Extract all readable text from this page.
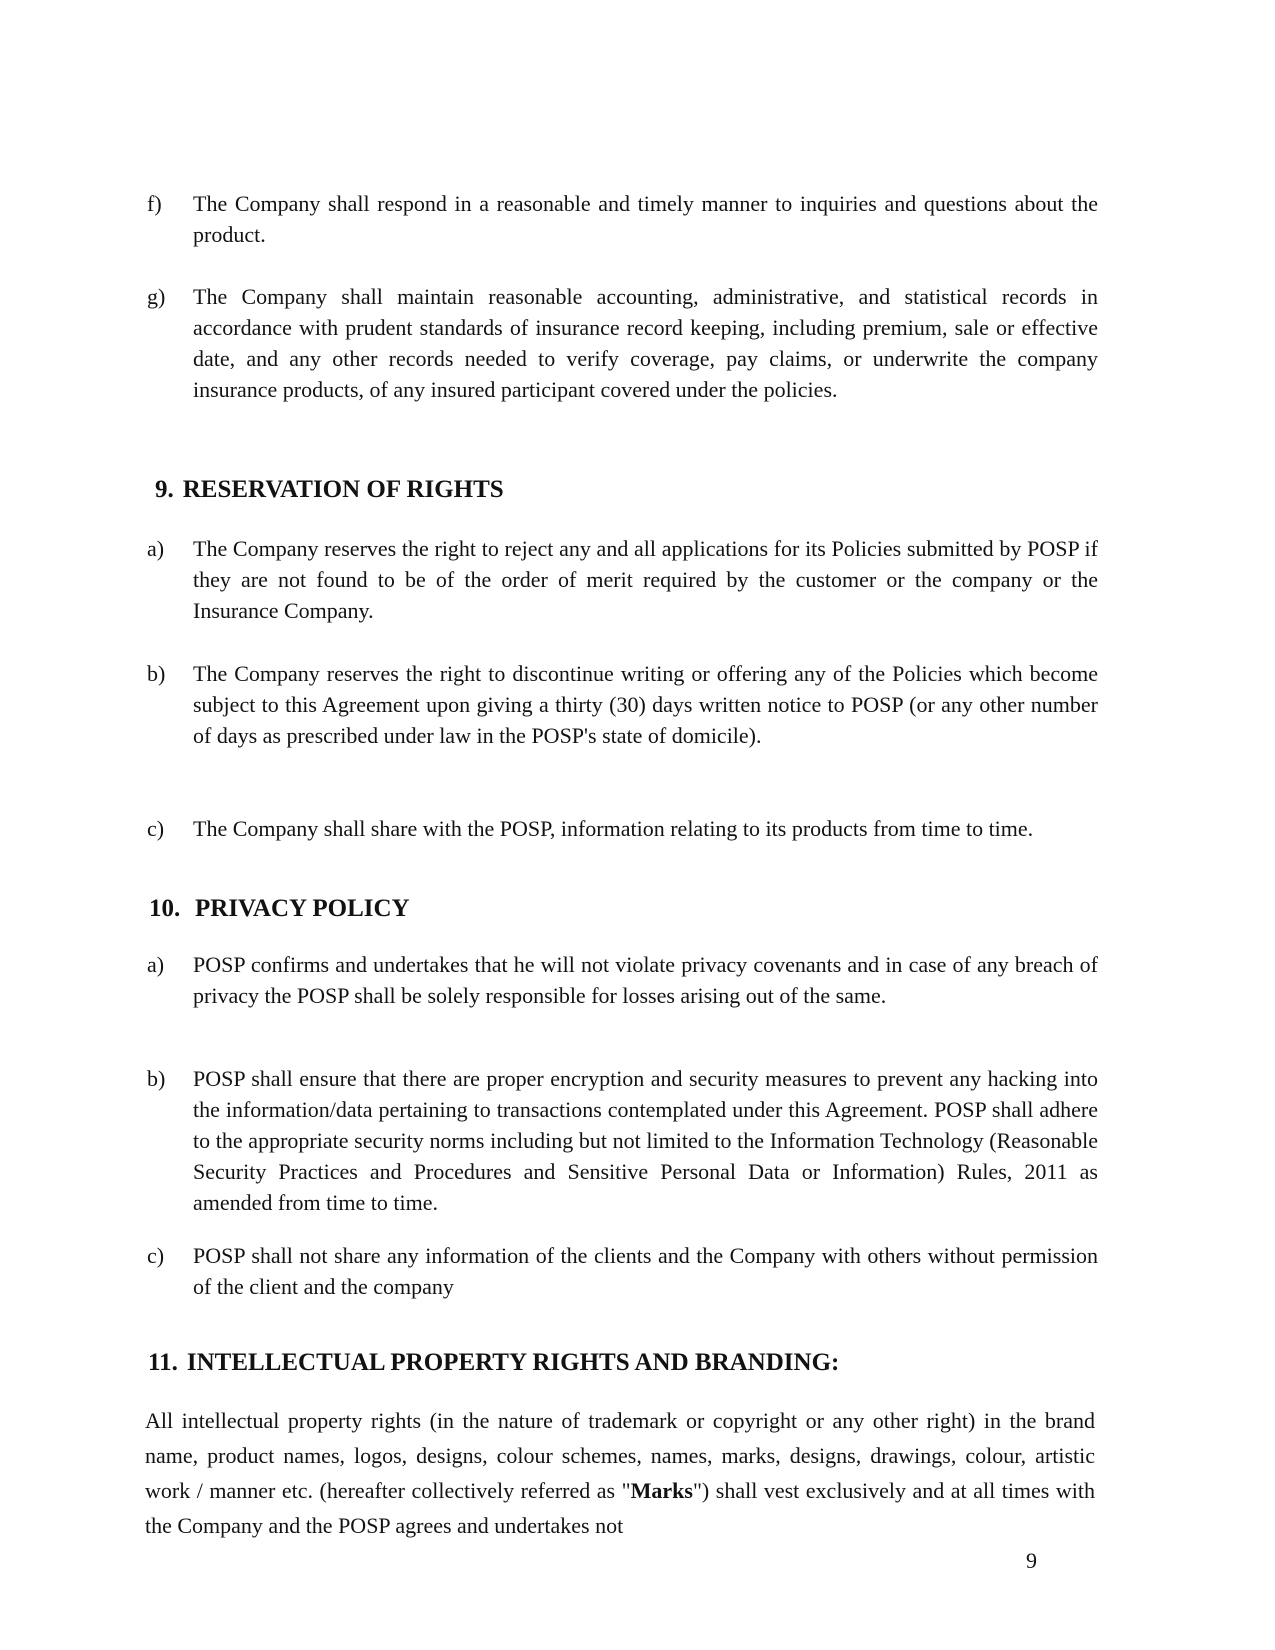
f)	The Company shall respond in a reasonable and timely manner to inquiries and questions about the product.
g)	The Company shall maintain reasonable accounting, administrative, and statistical records in accordance with prudent standards of insurance record keeping, including premium, sale or effective date, and any other records needed to verify coverage, pay claims, or underwrite the company insurance products, of any insured participant covered under the policies.
9. RESERVATION OF RIGHTS
a)	The Company reserves the right to reject any and all applications for its Policies submitted by POSP if they are not found to be of the order of merit required by the customer or the company or the Insurance Company.
b)	The Company reserves the right to discontinue writing or offering any of the Policies which become subject to this Agreement upon giving a thirty (30) days written notice to POSP (or any other number of days as prescribed under law in the POSP's state of domicile).
c)	The Company shall share with the POSP, information relating to its products from time to time.
10. PRIVACY POLICY
a)	POSP confirms and undertakes that he will not violate privacy covenants and in case of any breach of privacy the POSP shall be solely responsible for losses arising out of the same.
b)	POSP shall ensure that there are proper encryption and security measures to prevent any hacking into the information/data pertaining to transactions contemplated under this Agreement. POSP shall adhere to the appropriate security norms including but not limited to the Information Technology (Reasonable Security Practices and Procedures and Sensitive Personal Data or Information) Rules, 2011 as amended from time to time.
c)	POSP shall not share any information of the clients and the Company with others without permission of the client and the company
11. INTELLECTUAL PROPERTY RIGHTS AND BRANDING:
All intellectual property rights (in the nature of trademark or copyright or any other right) in the brand name, product names, logos, designs, colour schemes, names, marks, designs, drawings, colour, artistic work / manner etc. (hereafter collectively referred as "Marks") shall vest exclusively and at all times with the Company and the POSP agrees and undertakes not
9
